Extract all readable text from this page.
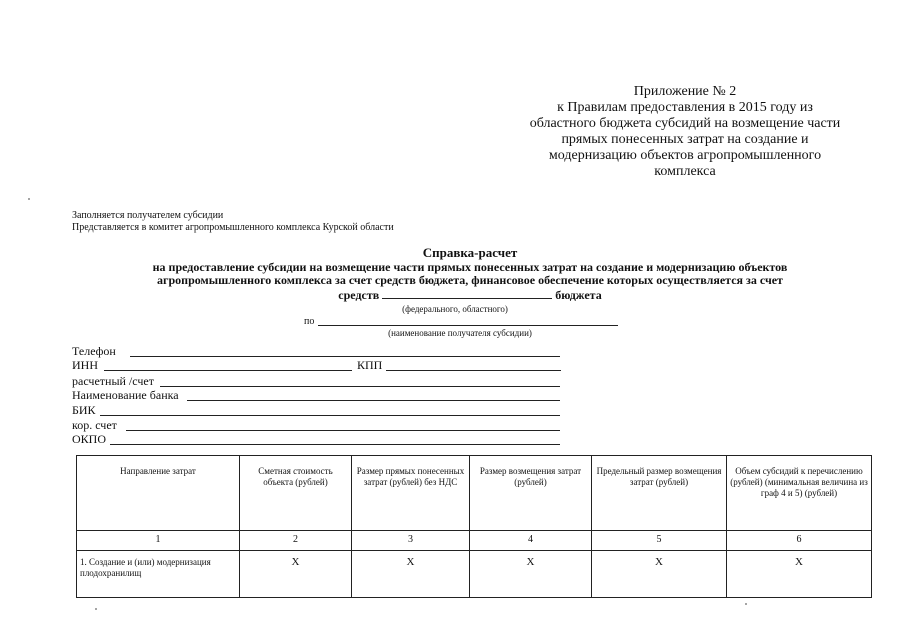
Приложение № 2
к Правилам предоставления в 2015 году из
областного бюджета субсидий на возмещение части
прямых понесенных затрат на создание и
модернизацию объектов агропромышленного
комплекса
Заполняется получателем субсидии
Представляется в комитет агропромышленного комплекса Курской области
Справка-расчет
на предоставление субсидии на возмещение части прямых понесенных затрат на создание и модернизацию объектов
агропромышленного комплекса за счет средств бюджета, финансовое обеспечение которых осуществляется за счет
средств	бюджета
(федерального, областного)
по
(наименование получателя субсидии)
Телефон
ИНН	КПП
расчетный /счет
Наименование банка
БИК
кор. счет
ОКПО
Направление затрат	Сметная стоимость объекта (рублей)	Размер прямых понесенных затрат (рублей) без НДС	Размер возмещения затрат (рублей)	Предельный размер возмещения затрат (рублей)	Объем субсидий к перечислению (рублей) (минимальная величина из граф 4 и 5) (рублей)
1	2	3	4	5	6
1. Создание и (или) модернизация плодохранилищ	Х	Х	Х	Х	Х
